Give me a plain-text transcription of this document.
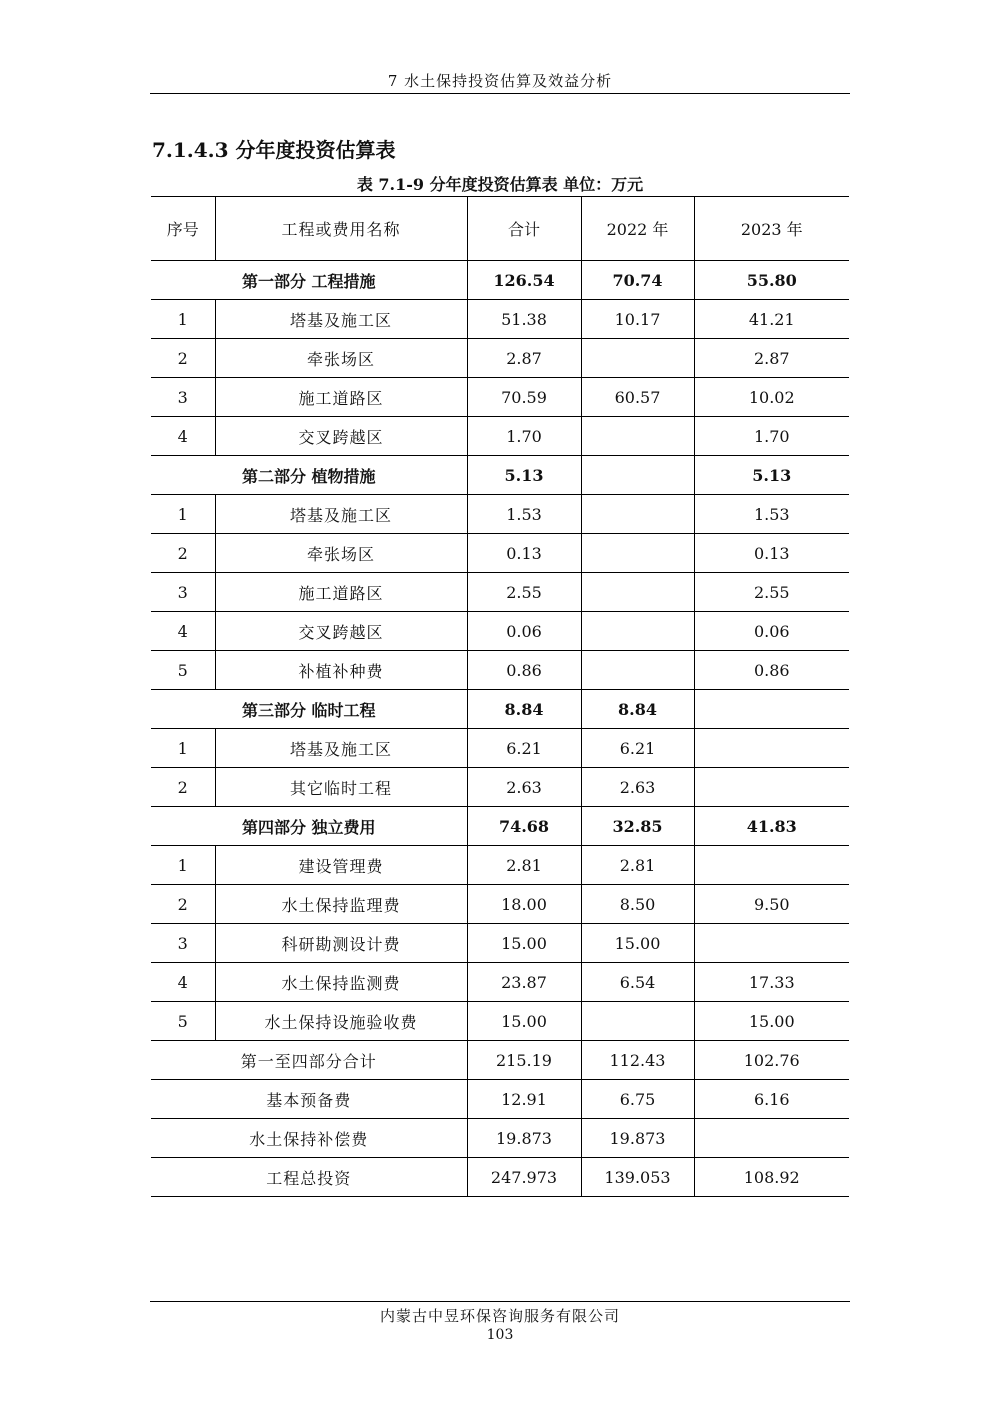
7 水土保持投资估算及效益分析
7.1.4.3 分年度投资估算表
表 7.1-9 分年度投资估算表 单位：万元
序号	工程或费用名称	合计	2022 年	2023 年
第一部分 工程措施		126.54	70.74	55.80
1	塔基及施工区	51.38	10.17	41.21
2	牵张场区	2.87		2.87
3	施工道路区	70.59	60.57	10.02
4	交叉跨越区	1.70		1.70
第二部分 植物措施		5.13		5.13
1	塔基及施工区	1.53		1.53
2	牵张场区	0.13		0.13
3	施工道路区	2.55		2.55
4	交叉跨越区	0.06		0.06
5	补植补种费	0.86		0.86
第三部分 临时工程		8.84	8.84	
1	塔基及施工区	6.21	6.21	
2	其它临时工程	2.63	2.63	
第四部分 独立费用		74.68	32.85	41.83
1	建设管理费	2.81	2.81	
2	水土保持监理费	18.00	8.50	9.50
3	科研勘测设计费	15.00	15.00	
4	水土保持监测费	23.87	6.54	17.33
5	水土保持设施验收费	15.00		15.00
第一至四部分合计		215.19	112.43	102.76
基本预备费		12.91	6.75	6.16
水土保持补偿费		19.873	19.873	
工程总投资		247.973	139.053	108.92
内蒙古中昱环保咨询服务有限公司
103
